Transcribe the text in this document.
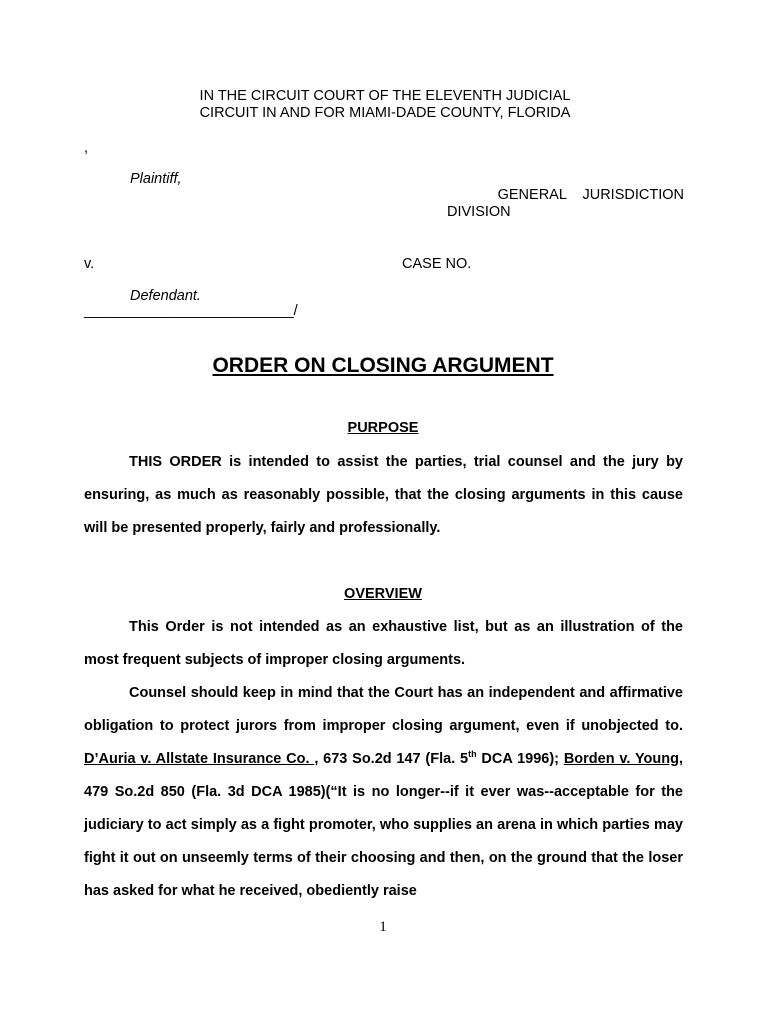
IN THE CIRCUIT COURT OF THE ELEVENTH JUDICIAL
CIRCUIT IN AND FOR MIAMI-DADE COUNTY, FLORIDA
,
Plaintiff,
GENERAL    JURISDICTION
DIVISION
v.	CASE NO.
Defendant.
__________________________/
ORDER ON CLOSING ARGUMENT
PURPOSE

THIS ORDER is intended to assist the parties, trial counsel and the jury by ensuring, as much as reasonably possible, that the closing arguments in this cause will be presented properly, fairly and professionally.

OVERVIEW

This Order is not intended as an exhaustive list, but as an illustration of the most frequent subjects of improper closing arguments.

Counsel should keep in mind that the Court has an independent and affirmative obligation to protect jurors from improper closing argument, even if unobjected to. D’Auria v. Allstate Insurance Co. , 673 So.2d 147 (Fla. 5th DCA 1996); Borden v. Young, 479 So.2d 850 (Fla. 3d DCA 1985)(“It is no longer--if it ever was--acceptable for the judiciary to act simply as a fight promoter, who supplies an arena in which parties may fight it out on unseemly terms of their choosing and then, on the ground that the loser has asked for what he received, obediently raise

1
